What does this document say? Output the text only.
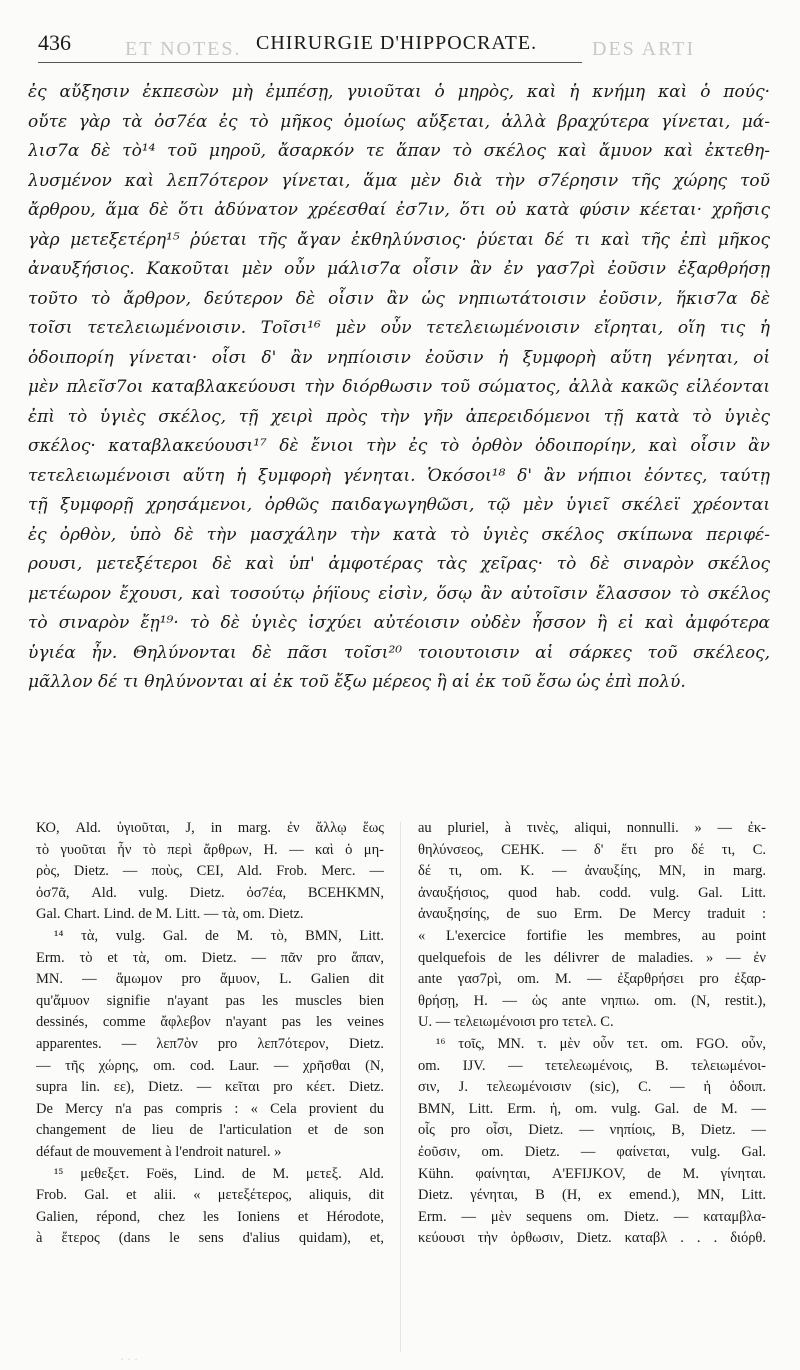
ET NOTES.	DES ARTI
436	CHIRURGIE D'HIPPOCRATE.
ἐς αὔξησιν ἐκπεσὼν μὴ ἐμπέσῃ, γυιοῦται ὁ μηρὸς, καὶ ἡ κνήμη καὶ ὁ πούς·
οὔτε γὰρ τὰ ὀσ7έα ἐς τὸ μῆκος ὁμοίως αὔξεται, ἀλλὰ βραχύτερα γίνεται, μά-
λισ7α δὲ τὸ¹⁴ τοῦ μηροῦ, ἄσαρκόν τε ἅπαν τὸ σκέλος καὶ ἄμυον καὶ ἐκτεθη-
λυσμένον καὶ λεπ7ότερον γίνεται, ἅμα μὲν διὰ τὴν σ7έρησιν τῆς χώρης τοῦ
ἄρθρου, ἅμα δὲ ὅτι ἀδύνατον χρέεσθαί ἐσ7ιν, ὅτι οὐ κατὰ φύσιν κέεται· χρῆσις
γὰρ μετεξετέρη¹⁵ ῥύεται τῆς ἄγαν ἐκθηλύνσιος· ῥύεται δέ τι καὶ τῆς ἐπὶ μῆκος
ἀναυξήσιος. Κακοῦται μὲν οὖν μάλισ7α οἷσιν ἂν ἐν γασ7ρὶ ἐοῦσιν ἐξαρθρήσῃ
τοῦτο τὸ ἄρθρον, δεύτερον δὲ οἷσιν ἂν ὡς νηπιωτάτοισιν ἐοῦσιν, ἥκισ7α δὲ
τοῖσι τετελειωμένοισιν. Τοῖσι¹⁶ μὲν οὖν τετελειωμένοισιν εἴρηται, οἵη τις ἡ
ὁδοιπορίη γίνεται· οἷσι δ' ἂν νηπίοισιν ἐοῦσιν ἡ ξυμφορὴ αὕτη γένηται, οἱ
μὲν πλεῖσ7οι καταβλακεύουσι τὴν διόρθωσιν τοῦ σώματος, ἀλλὰ κακῶς εἰλέονται
ἐπὶ τὸ ὑγιὲς σκέλος, τῇ χειρὶ πρὸς τὴν γῆν ἀπερειδόμενοι τῇ κατὰ τὸ ὑγιὲς
σκέλος· καταβλακεύουσι¹⁷ δὲ ἔνιοι τὴν ἐς τὸ ὀρθὸν ὁδοιπορίην, καὶ οἷσιν ἂν
τετελειωμένοισι αὕτη ἡ ξυμφορὴ γένηται. Ὁκόσοι¹⁸ δ' ἂν νήπιοι ἐόντες, ταύτῃ
τῇ ξυμφορῇ χρησάμενοι, ὀρθῶς παιδαγωγηθῶσι, τῷ μὲν ὑγιεῖ σκέλεϊ χρέονται
ἐς ὀρθὸν, ὑπὸ δὲ τὴν μασχάλην τὴν κατὰ τὸ ὑγιὲς σκέλος σκίπωνα περιφέ-
ρουσι, μετεξέτεροι δὲ καὶ ὑπ' ἀμφοτέρας τὰς χεῖρας· τὸ δὲ σιναρὸν σκέλος
μετέωρον ἔχουσι, καὶ τοσούτῳ ῥήϊους εἰσὶν, ὅσῳ ἂν αὐτοῖσιν ἔλασσον τὸ σκέλος
τὸ σιναρὸν ἔῃ¹⁹· τὸ δὲ ὑγιὲς ἰσχύει αὐτέοισιν οὐδὲν ἧσσον ἢ εἰ καὶ ἀμφότερα
ὑγιέα ἦν. Θηλύνονται δὲ πᾶσι τοῖσι²⁰ τοιουτοισιν αἱ σάρκες τοῦ σκέλεος,
μᾶλλον δέ τι θηλύνονται αἱ ἐκ τοῦ ἔξω μέρεος ἢ αἱ ἐκ τοῦ ἔσω ὡς ἐπὶ πολύ.
ΚΟ, Ald. ὑγιοῦται, J, in marg. ἐν ἄλλῳ ἕως
τὸ γυοῦται ἦν τὸ περὶ ἄρθρων, H. — καὶ ὁ μη-
ρὸς, Dietz. — ποὺς, CEI, Ald. Frob. Merc. —
ὀσ7ᾶ, Ald. vulg. Dietz. ὀσ7έα, BCEHKMN,
Gal. Chart. Lind. de M. Litt. — τὰ, om. Dietz.
¹⁴ τὰ, vulg. Gal. de M. τὸ, BMN, Litt.
Erm. τὸ et τὰ, om. Dietz. — πᾶν pro ἅπαν,
MN. — ἄμωμον pro ἄμυον, L. Galien dit
qu'ἄμυον signifie n'ayant pas les muscles bien
dessinés, comme ἄφλεβον n'ayant pas les veines
apparentes. — λεπ7ὸν pro λεπ7ότερον, Dietz.
— τῆς χώρης, om. cod. Laur. — χρῆσθαι (N,
supra lin. εε), Dietz. — κεῖται pro κέετ. Dietz.
De Mercy n'a pas compris : « Cela provient du
changement de lieu de l'articulation et de son
défaut de mouvement à l'endroit naturel. »
¹⁵ μεθεξετ. Foës, Lind. de M. μετεξ. Ald.
Frob. Gal. et alii. « μετεξέτερος, aliquis, dit
Galien, répond, chez les Ioniens et Hérodote,
à ἕτερος (dans le sens d'alius quidam), et,
au pluriel, à τινὲς, aliqui, nonnulli. » — ἐκ-
θηλύνσεος, CEHK. — δ' ἔτι pro δέ τι, C.
δέ τι, om. K. — ἀναυξίης, MN, in marg.
ἀναυξήσιος, quod hab. codd. vulg. Gal. Litt.
ἀναυξησίης, de suo Erm. De Mercy traduit :
« L'exercice fortifie les membres, au point
quelquefois de les délivrer de maladies. » — ἐν
ante γασ7ρὶ, om. M. — ἐξαρθρήσει pro ἐξαρ-
θρήσῃ, H. — ὡς ante νηπιω. om. (N, restit.),
U. — τελειωμένοισι pro τετελ. C.
¹⁶ τοῖς, MN. τ. μὲν οὖν τετ. om. FGO. οὖν,
om. IJV. — τετελεωμένοις, B. τελειωμένοι-
σιν, J. τελεωμένοισιν (sic), C. — ἡ ὁδοιπ.
BMN, Litt. Erm. ἡ, om. vulg. Gal. de M. —
οἷς pro οἷσι, Dietz. — νηπίοις, B, Dietz. —
ἐοῦσιν, om. Dietz. — φαίνεται, vulg. Gal.
Kühn. φαίνηται, A'EFIJKOV, de M. γίνηται.
Dietz. γένηται, B (H, ex emend.), MN, Litt.
Erm. — μὲν sequens om. Dietz. — καταμβλα-
κεύουσι τὴν ὀρθωσιν, Dietz. καταβλ . . . διόρθ.
· · ·
